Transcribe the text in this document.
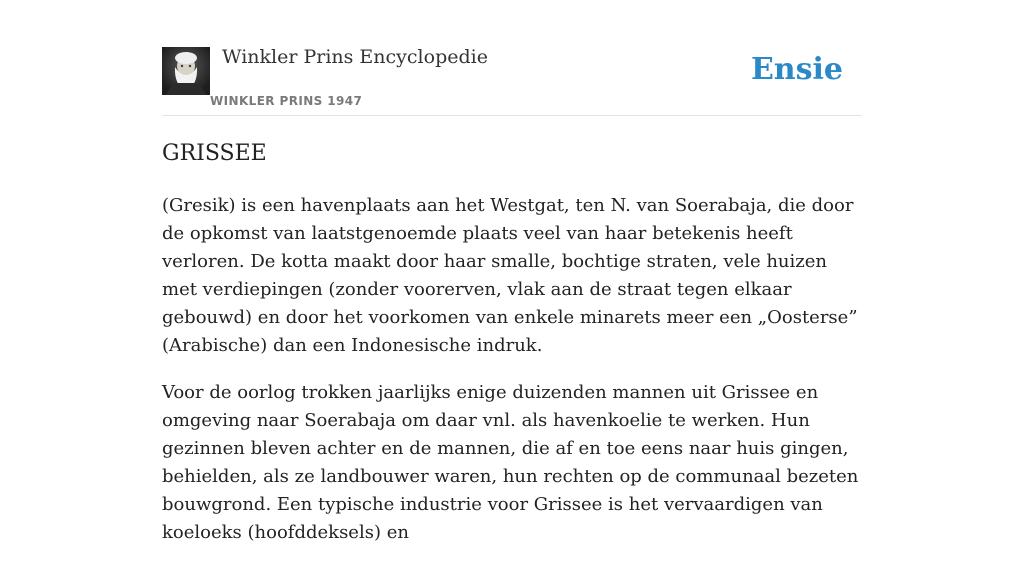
Winkler Prins Encyclopedie
WINKLER PRINS 1947
Ensie
GRISSEE

(Gresik) is een havenplaats aan het Westgat, ten N. van Soerabaja, die door de opkomst van laatstgenoemde plaats veel van haar betekenis heeft verloren. De kotta maakt door haar smalle, bochtige straten, vele huizen met verdiepingen (zonder voorerven, vlak aan de straat tegen elkaar gebouwd) en door het voorkomen van enkele minarets meer een „Oosterse” (Arabische) dan een Indonesische indruk.

Voor de oorlog trokken jaarlijks enige duizenden mannen uit Grissee en omgeving naar Soerabaja om daar vnl. als havenkoelie te werken. Hun gezinnen bleven achter en de mannen, die af en toe eens naar huis gingen, behielden, als ze landbouwer waren, hun rechten op de communaal bezeten bouwgrond. Een typische industrie voor Grissee is het vervaardigen van koeloeks (hoofddeksels) en
